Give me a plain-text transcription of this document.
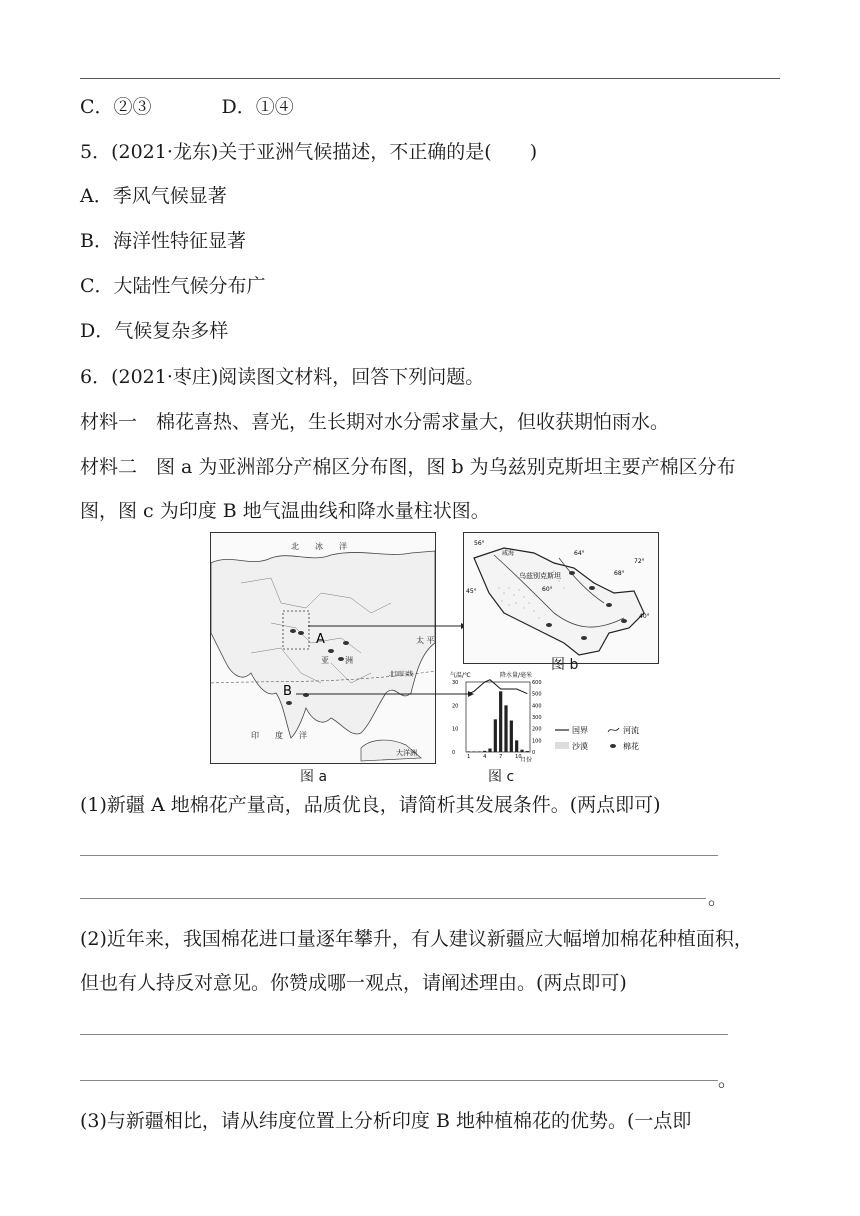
C．②③	D．①④
5．(2021·龙东)关于亚洲气候描述，不正确的是(　　)
A．季风气候显著
B．海洋性特征显著
C．大陆性气候分布广
D．气候复杂多样
6．(2021·枣庄)阅读图文材料，回答下列问题。
材料一　棉花喜热、喜光，生长期对水分需求量大，但收获期怕雨水。
材料二　图 a 为亚洲部分产棉区分布图，图 b 为乌兹别克斯坦主要产棉区分布
图，图 c 为印度 B 地气温曲线和降水量柱状图。
北　　冰　　洋
A
B
亚　　洲
太 平
印　　度　　洋
北回归线
大洋洲
乌兹别克斯坦
咸海
56°
60°
64°
68°
72°
40°
45°
气温/℃	降水量/毫米
月份
30
20
10
0
600
500
400
300
200
100
0
1	4	7	10
国界	河流
沙漠	棉花
图 a
图 b
图 c
(1)新疆 A 地棉花产量高，品质优良，请简析其发展条件。(两点即可)
。
(2)近年来，我国棉花进口量逐年攀升，有人建议新疆应大幅增加棉花种植面积，
但也有人持反对意见。你赞成哪一观点，请阐述理由。(两点即可)
。
(3)与新疆相比，请从纬度位置上分析印度 B 地种植棉花的优势。(一点即
